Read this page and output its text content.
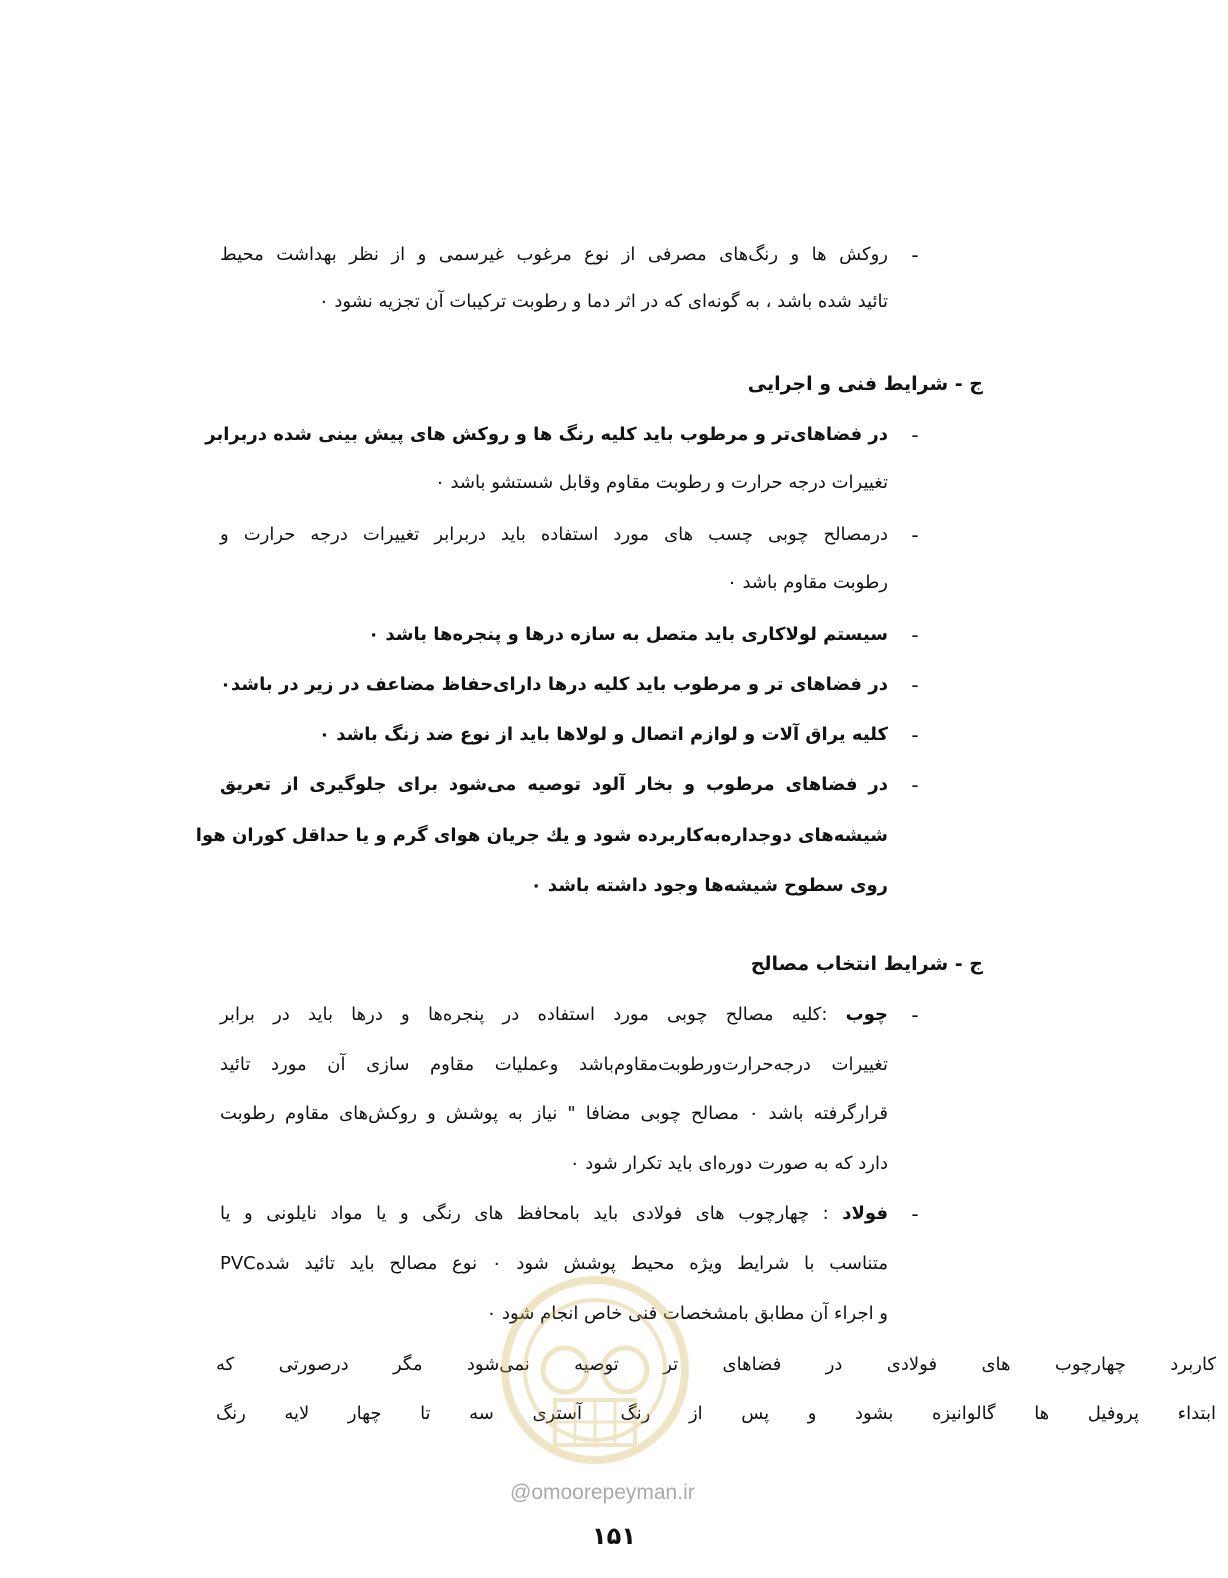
-
روکش ها و رنگ‌های مصرفی از نوع مرغوب غیرسمی و از نظر بهداشت محیط
تائید شده باشد ، به گونه‌ای که در اثر دما و رطوبت ترکیبات آن تجزیه نشود ٠
ج - شرایط فنی و اجرایی
-
در فضاهای‌تر و مرطوب باید کلیه رنگ ها و روکش های پیش بینی شده دربرابر
تغییرات درجه حرارت و رطوبت مقاوم وقابل شستشو باشد ٠
-
درمصالح چوبی چسب های مورد استفاده باید دربرابر تغییرات درجه حرارت و
رطوبت مقاوم باشد ٠
-
سیستم لولاکاری باید متصل به سازه درها و پنجره‌ها باشد ٠
-
در فضاهای تر و مرطوب باید کلیه درها دارای‌حفاظ مضاعف در زیر در باشد٠
-
کلیه یراق آلات و لوازم اتصال و لولاها باید از نوع ضد زنگ باشد ٠
-
در فضاهای مرطوب و بخار آلود توصیه می‌شود برای جلوگیری از تعریق
شیشه‌های دوجداره‌به‌کار‌برده شود و یك جریان هوای گرم و یا حداقل کوران هوا
روی سطوح شیشه‌ها وجود داشته باشد ٠
ج - شرایط انتخاب مصالح
-
چوب :کلیه مصالح چوبی مورد استفاده در پنجره‌ها و درها باید در برابر
تغییرات درجه‌حرارت‌ورطوبت‌مقاوم‌باشد وعملیات مقاوم سازی آن مورد تائید
قرارگرفته باشد ٠ مصالح چوبی مضافا " نیاز به پوشش و روکش‌های مقاوم رطوبت
دارد که به صورت دوره‌ای باید تکرار شود ٠
-
فولاد : چهارچوب های فولادی باید بامحافظ های رنگی و یا مواد نایلونی و یا
PVCمتناسب با شرایط ویژه محیط پوشش شود ٠ نوع مصالح باید تائید شده
و اجراء آن مطابق بامشخصات فنی خاص انجام شود ٠
کاربرد چهارچوب های فولادی در فضاهای تر توصیه نمی‌شود مگر درصورتی که
ابتداء پروفیل ها گالوانیزه بشود و پس از رنگ آستری سه تا چهار لایه رنگ
@omoorepeyman.ir
۱۵۱
